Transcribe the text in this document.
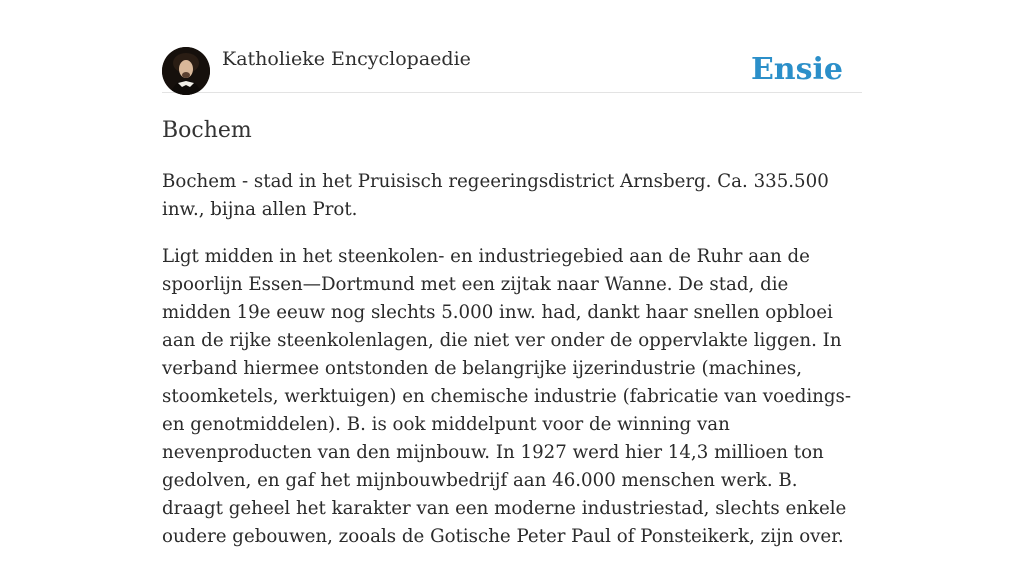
Katholieke Encyclopaedie	Ensie
Bochem

Bochem - stad in het Pruisisch regeeringsdistrict Arnsberg. Ca. 335.500 inw., bijna allen Prot.

Ligt midden in het steenkolen- en industriegebied aan de Ruhr aan de spoorlijn Essen—Dortmund met een zijtak naar Wanne. De stad, die midden 19e eeuw nog slechts 5.000 inw. had, dankt haar snellen opbloei aan de rijke steenkolenlagen, die niet ver onder de oppervlakte liggen. In verband hiermee ontstonden de belangrijke ijzerindustrie (machines, stoomketels, werktuigen) en chemische industrie (fabricatie van voedings- en genotmiddelen). B. is ook middelpunt voor de winning van nevenproducten van den mijnbouw. In 1927 werd hier 14,3 millioen ton gedolven, en gaf het mijnbouwbedrijf aan 46.000 menschen werk. B. draagt geheel het karakter van een moderne industriestad, slechts enkele oudere gebouwen, zooals de Gotische Peter Paul of Ponsteikerk, zijn over.
